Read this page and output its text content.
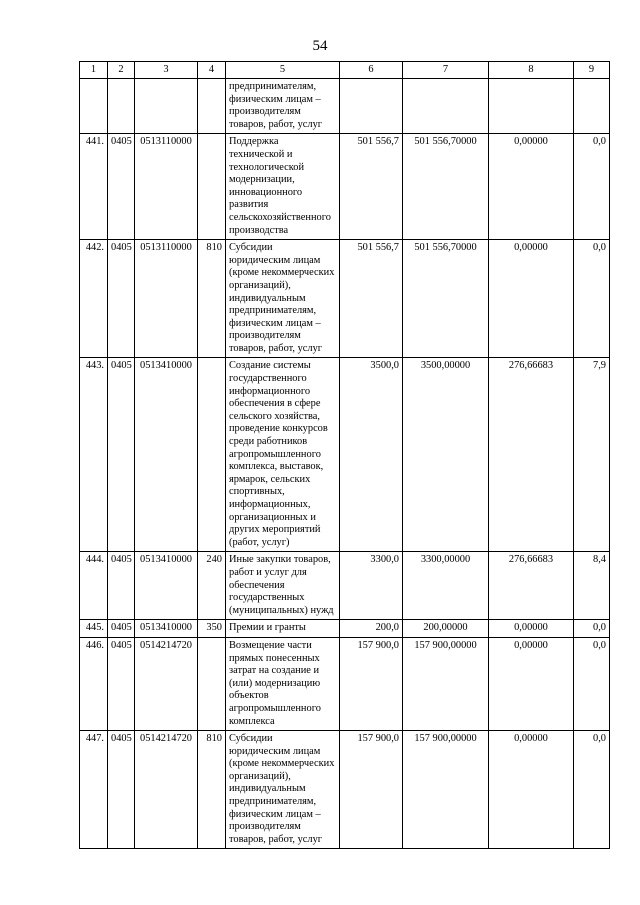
54
1	2	3	4	5	6	7	8	9
				предпринимателям, физическим лицам – производителям товаров, работ, услуг				
441.	0405	0513110000		Поддержка технической и технологической модернизации, инновационного развития сельскохозяйственного производства	501 556,7	501 556,70000	0,00000	0,0
442.	0405	0513110000	810	Субсидии юридическим лицам (кроме некоммерческих организаций), индивидуальным предпринимателям, физическим лицам – производителям товаров, работ, услуг	501 556,7	501 556,70000	0,00000	0,0
443.	0405	0513410000		Создание системы государственного информационного обеспечения в сфере сельского хозяйства, проведение конкурсов среди работников агропромышленного комплекса, выставок, ярмарок, сельских спортивных, информационных, организационных и других мероприятий (работ, услуг)	3500,0	3500,00000	276,66683	7,9
444.	0405	0513410000	240	Иные закупки товаров, работ и услуг для обеспечения государственных (муниципальных) нужд	3300,0	3300,00000	276,66683	8,4
445.	0405	0513410000	350	Премии и гранты	200,0	200,00000	0,00000	0,0
446.	0405	0514214720		Возмещение части прямых понесенных затрат на создание и (или) модернизацию объектов агропромышленного комплекса	157 900,0	157 900,00000	0,00000	0,0
447.	0405	0514214720	810	Субсидии юридическим лицам (кроме некоммерческих организаций), индивидуальным предпринимателям, физическим лицам – производителям товаров, работ, услуг	157 900,0	157 900,00000	0,00000	0,0
